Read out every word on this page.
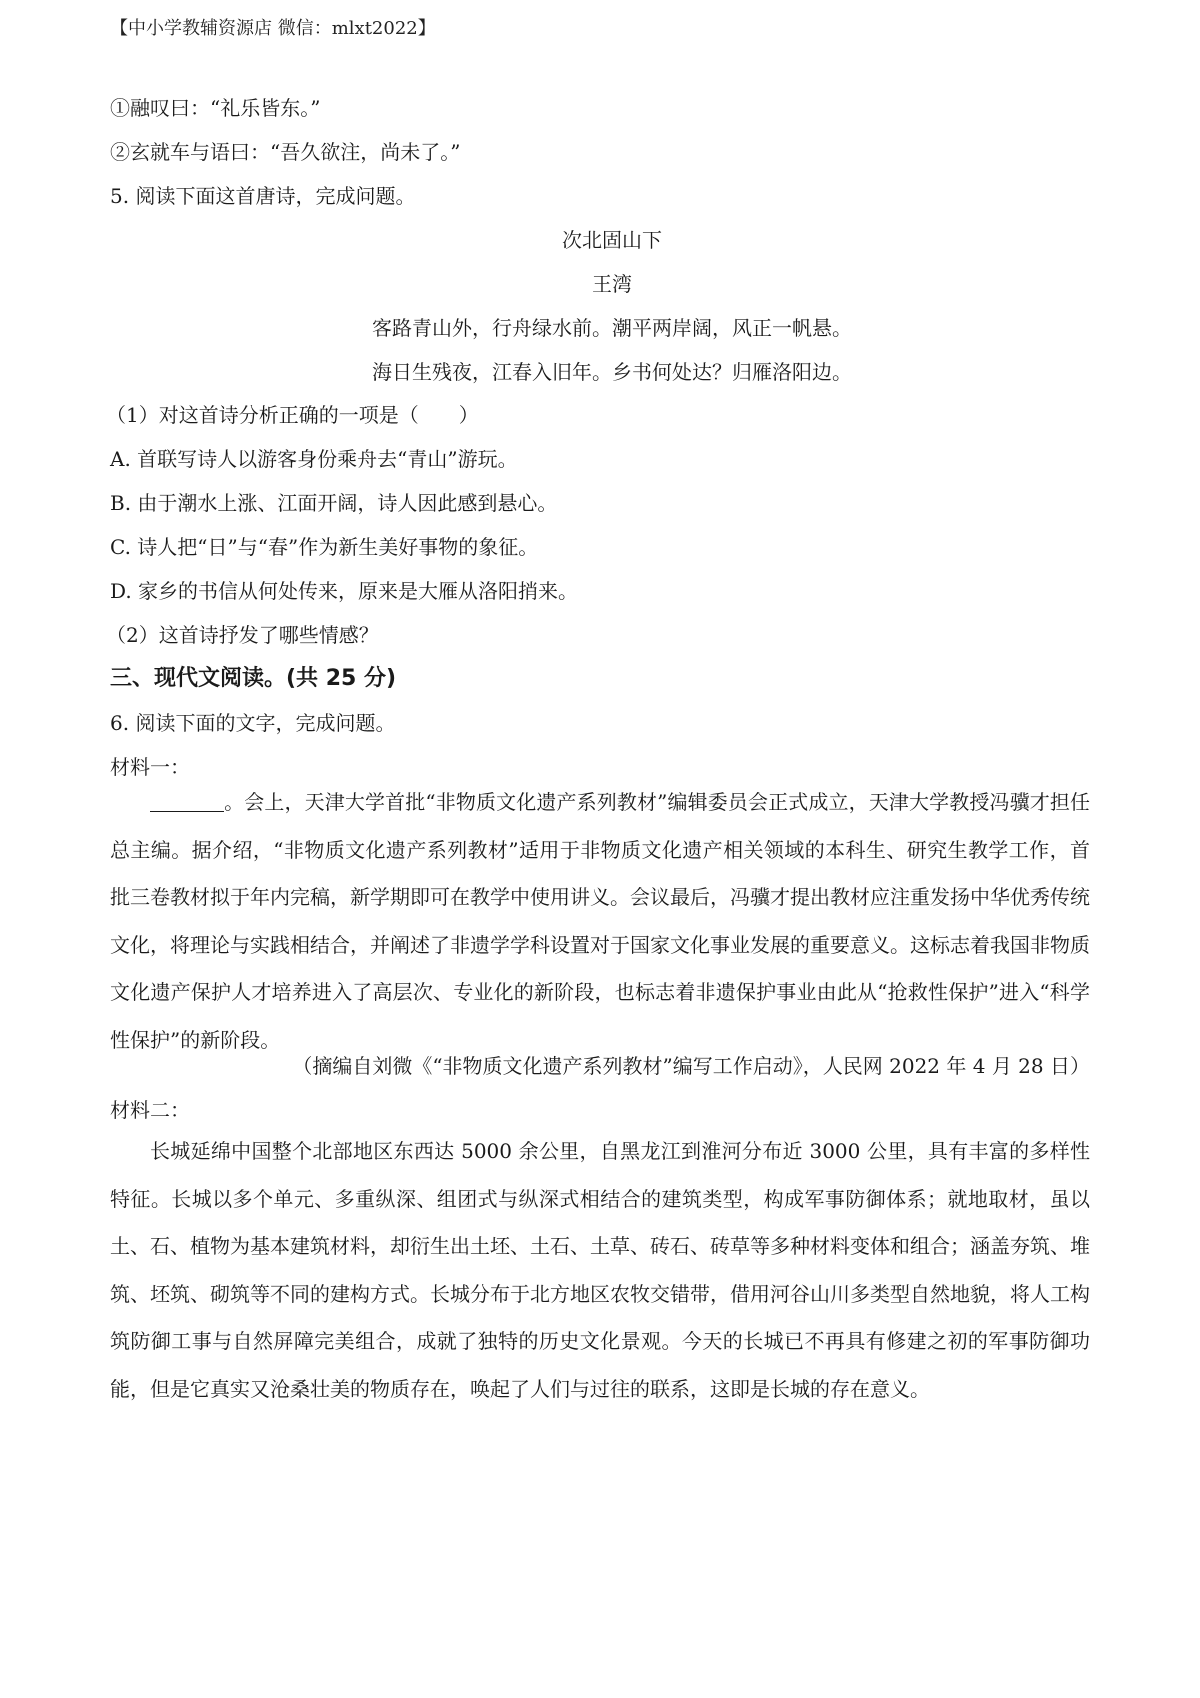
【中小学教辅资源店 微信：mlxt2022】
①融叹曰：“礼乐皆东。”
②玄就车与语曰：“吾久欲注，尚未了。”
5. 阅读下面这首唐诗，完成问题。
次北固山下
王湾
客路青山外，行舟绿水前。潮平两岸阔，风正一帆悬。
海日生残夜，江春入旧年。乡书何处达？归雁洛阳边。
（1）对这首诗分析正确的一项是（　　）
A. 首联写诗人以游客身份乘舟去“青山”游玩。
B. 由于潮水上涨、江面开阔，诗人因此感到悬心。
C. 诗人把“日”与“春”作为新生美好事物的象征。
D. 家乡的书信从何处传来，原来是大雁从洛阳捎来。
（2）这首诗抒发了哪些情感？
三、现代文阅读。(共 25 分)
6. 阅读下面的文字，完成问题。
材料一：

。会上，天津大学首批“非物质文化遗产系列教材”编辑委员会正式成立，天津大学教授冯骥才担任总主编。据介绍，“非物质文化遗产系列教材”适用于非物质文化遗产相关领域的本科生、研究生教学工作，首批三卷教材拟于年内完稿，新学期即可在教学中使用讲义。会议最后，冯骥才提出教材应注重发扬中华优秀传统文化，将理论与实践相结合，并阐述了非遗学学科设置对于国家文化事业发展的重要意义。这标志着我国非物质文化遗产保护人才培养进入了高层次、专业化的新阶段，也标志着非遗保护事业由此从“抢救性保护”进入“科学性保护”的新阶段。

（摘编自刘微《“非物质文化遗产系列教材”编写工作启动》，人民网 2022 年 4 月 28 日）
材料二：

长城延绵中国整个北部地区东西达 5000 余公里，自黑龙江到淮河分布近 3000 公里，具有丰富的多样性特征。长城以多个单元、多重纵深、组团式与纵深式相结合的建筑类型，构成军事防御体系；就地取材，虽以土、石、植物为基本建筑材料，却衍生出土坯、土石、土草、砖石、砖草等多种材料变体和组合；涵盖夯筑、堆筑、坯筑、砌筑等不同的建构方式。长城分布于北方地区农牧交错带，借用河谷山川多类型自然地貌，将人工构筑防御工事与自然屏障完美组合，成就了独特的历史文化景观。今天的长城已不再具有修建之初的军事防御功能，但是它真实又沧桑壮美的物质存在，唤起了人们与过往的联系，这即是长城的存在意义。
